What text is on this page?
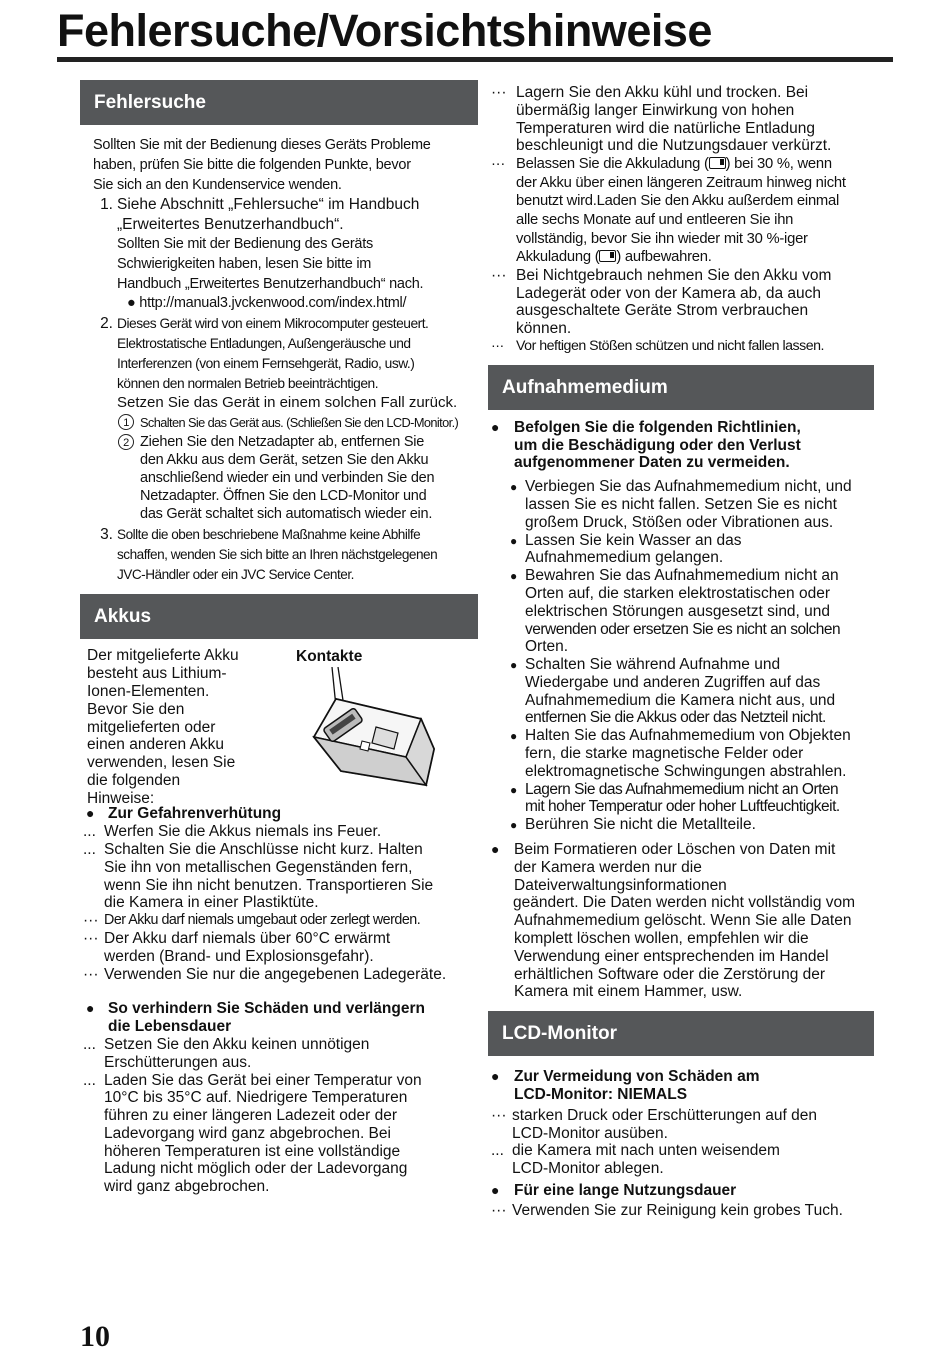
Fehlersuche/Vorsichtshinweise
Fehlersuche

Sollten Sie mit der Bedienung dieses Geräts Probleme

haben, prüfen Sie bitte die folgenden Punkte, bevor

Sie sich an den Kundenservice wenden.

1. Siehe Abschnitt „Fehlersuche“ im Handbuch

„Erweitertes Benutzerhandbuch“.

Sollten Sie mit der Bedienung des Geräts

Schwierigkeiten haben, lesen Sie bitte im

Handbuch „Erweitertes Benutzerhandbuch“ nach.

● http://manual3.jvckenwood.com/index.html/

2. Dieses Gerät wird von einem Mikrocomputer gesteuert.

Elektrostatische Entladungen, Außengeräusche und

Interferenzen (von einem Fernsehgerät, Radio, usw.)

können den normalen Betrieb beeinträchtigen.

Setzen Sie das Gerät in einem solchen Fall zurück.

1 Schalten Sie das Gerät aus. (Schließen Sie den LCD-Monitor.)
2 Ziehen Sie den Netzadapter ab, entfernen Sie

den Akku aus dem Gerät, setzen Sie den Akku

anschließend wieder ein und verbinden Sie den

Netzadapter. Öffnen Sie den LCD-Monitor und

das Gerät schaltet sich automatisch wieder ein.

3. Sollte die oben beschriebene Maßnahme keine Abhilfe

schaffen, wenden Sie sich bitte an Ihren nächstgelegenen

JVC-Händler oder ein JVC Service Center.

Akkus

Der mitgelieferte Akku

besteht aus Lithium-

Ionen-Elementen.

Bevor Sie den

mitgelieferten oder

einen anderen Akku

verwenden, lesen Sie

die folgenden

Hinweise:

Kontakte
● Zur Gefahrenverhütung
... Werfen Sie die Akkus niemals ins Feuer.

... Schalten Sie die Anschlüsse nicht kurz. Halten

Sie ihn von metallischen Gegenständen fern,

wenn Sie ihn nicht benutzen. Transportieren Sie

die Kamera in einer Plastiktüte.

··· Der Akku darf niemals umgebaut oder zerlegt werden.

··· Der Akku darf niemals über 60°C erwärmt

werden (Brand- und Explosionsgefahr).

··· Verwenden Sie nur die angegebenen Ladegeräte.

● So verhindern Sie Schäden und verlängern

die Lebensdauer

... Setzen Sie den Akku keinen unnötigen

Erschütterungen aus.

... Laden Sie das Gerät bei einer Temperatur von

10°C bis 35°C auf. Niedrigere Temperaturen

führen zu einer längeren Ladezeit oder der

Ladevorgang wird ganz abgebrochen. Bei

höheren Temperaturen ist eine vollständige

Ladung nicht möglich oder der Ladevorgang

wird ganz abgebrochen.

··· Lagern Sie den Akku kühl und trocken. Bei

übermäßig langer Einwirkung von hohen

Temperaturen wird die natürliche Entladung

beschleunigt und die Nutzungsdauer verkürzt.

··· Belassen Sie die Akkuladung ( ) bei 30 %, wenn

der Akku über einen längeren Zeitraum hinweg nicht

benutzt wird.Laden Sie den Akku außerdem einmal

alle sechs Monate auf und entleeren Sie ihn

vollständig, bevor Sie ihn wieder mit 30 %-iger

Akkuladung ( ) aufbewahren.

··· Bei Nichtgebrauch nehmen Sie den Akku vom

Ladegerät oder von der Kamera ab, da auch

ausgeschaltete Geräte Strom verbrauchen

können.

··· Vor heftigen Stößen schützen und nicht fallen lassen.

Aufnahmemedium
● Befolgen Sie die folgenden Richtlinien,

um die Beschädigung oder den Verlust

aufgenommener Daten zu vermeiden.

● Verbiegen Sie das Aufnahmemedium nicht, und

lassen Sie es nicht fallen. Setzen Sie es nicht

großem Druck, Stößen oder Vibrationen aus.

● Lassen Sie kein Wasser an das

Aufnahmemedium gelangen.

● Bewahren Sie das Aufnahmemedium nicht an

Orten auf, die starken elektrostatischen oder

elektrischen Störungen ausgesetzt sind, und

verwenden oder ersetzen Sie es nicht an solchen

Orten.

● Schalten Sie während Aufnahme und

Wiedergabe und anderen Zugriffen auf das

Aufnahmemedium die Kamera nicht aus, und

entfernen Sie die Akkus oder das Netzteil nicht.

● Halten Sie das Aufnahmemedium von Objekten

fern, die starke magnetische Felder oder

elektromagnetische Schwingungen abstrahlen.

● Lagern Sie das Aufnahmemedium nicht an Orten

mit hoher Temperatur oder hoher Luftfeuchtigkeit.

● Berühren Sie nicht die Metallteile.

● Beim Formatieren oder Löschen von Daten mit

der Kamera werden nur die

Dateiverwaltungsinformationen

geändert. Die Daten werden nicht vollständig vom

Aufnahmemedium gelöscht. Wenn Sie alle Daten

komplett löschen wollen, empfehlen wir die

Verwendung einer entsprechenden im Handel

erhältlichen Software oder die Zerstörung der

Kamera mit einem Hammer, usw.

LCD-Monitor
● Zur Vermeidung von Schäden am

LCD-Monitor: NIEMALS

··· starken Druck oder Erschütterungen auf den

LCD-Monitor ausüben.

... die Kamera mit nach unten weisendem

LCD-Monitor ablegen.

● Für eine lange Nutzungsdauer
··· Verwenden Sie zur Reinigung kein grobes Tuch.

10
